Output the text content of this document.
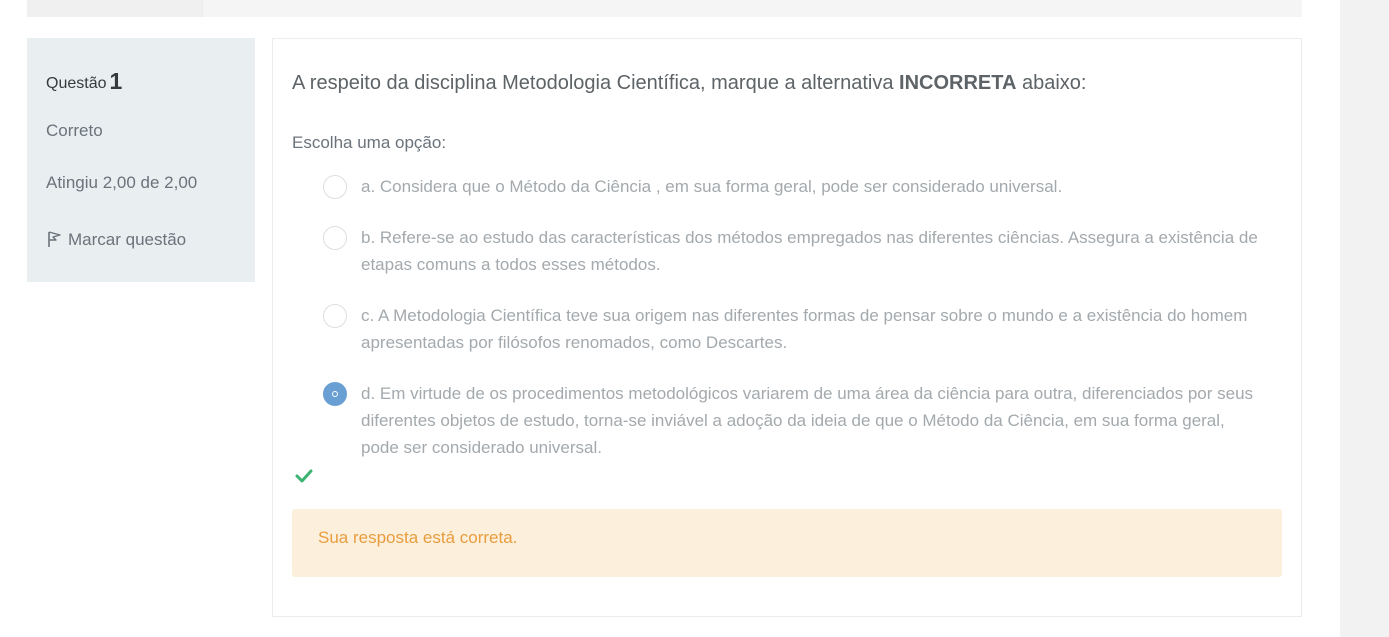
Questão 1
Correto
Atingiu 2,00 de 2,00
Marcar questão
A respeito da disciplina Metodologia Científica, marque a alternativa INCORRETA abaixo:
Escolha uma opção:
a. Considera que o Método da Ciência , em sua forma geral, pode ser considerado universal.
b. Refere-se ao estudo das características dos métodos empregados nas diferentes ciências. Assegura a existência de etapas comuns a todos esses métodos.
c. A Metodologia Científica teve sua origem nas diferentes formas de pensar sobre o mundo e a existência do homem apresentadas por filósofos renomados, como Descartes.
d. Em virtude de os procedimentos metodológicos variarem de uma área da ciência para outra, diferenciados por seus diferentes objetos de estudo, torna-se inviável a adoção da ideia de que o Método da Ciência, em sua forma geral, pode ser considerado universal.
Sua resposta está correta.
